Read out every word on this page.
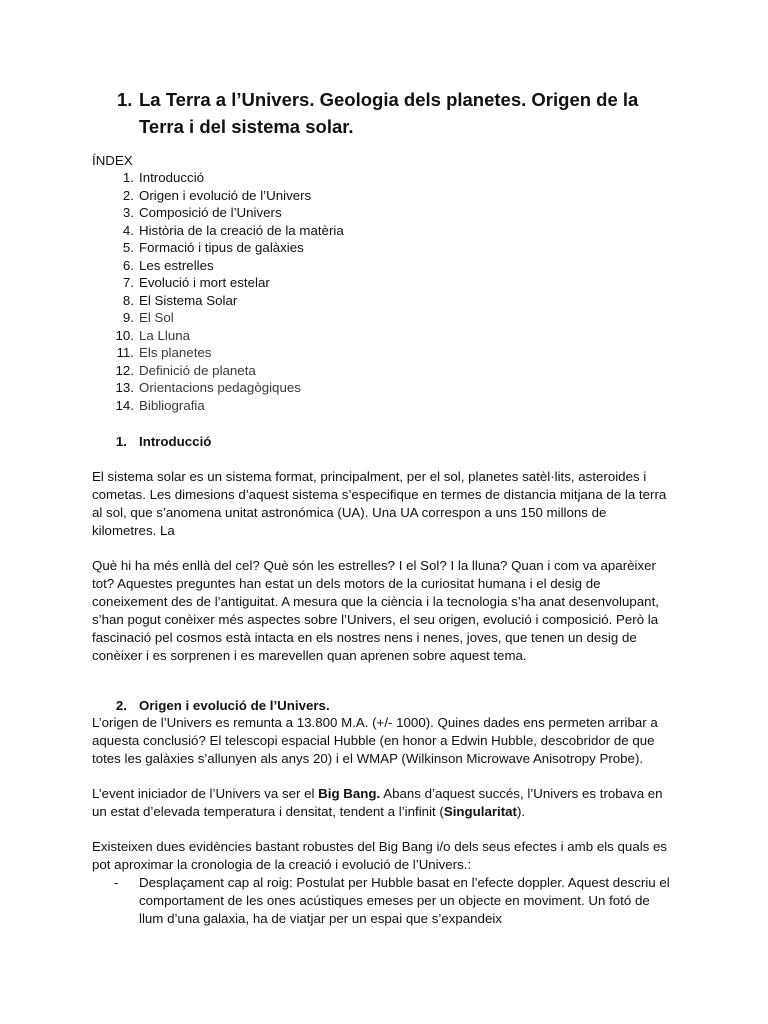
1. La Terra a l’Univers. Geologia dels planetes. Origen de la Terra i del sistema solar.
ÍNDEX
1. Introducció
2. Origen i evolució de l’Univers
3. Composició de l’Univers
4. Història de la creació de la matèria
5. Formació i tipus de galàxies
6. Les estrelles
7. Evolució i mort estelar
8. El Sistema Solar
9. El Sol
10. La Lluna
11. Els planetes
12. Definició de planeta
13. Orientacions pedagògiques
14. Bibliografia
1. Introducció

El sistema solar es un sistema format, principalment, per el sol, planetes satèl·lits, asteroides i cometas. Les dimesions d’aquest sistema s’especifique en termes de distancia mitjana de la terra al sol, que s’anomena unitat astronómica (UA). Una UA correspon a uns 150 millons de kilometres. La

Què hi ha més enllà del cel? Què són les estrelles? I el Sol? I la lluna? Quan i com va aparèixer tot? Aquestes preguntes han estat un dels motors de la curiositat humana i el desig de coneixement des de l’antiguitat. A mesura que la ciència i la tecnologia s’ha anat desenvolupant, s’han pogut conèixer més aspectes sobre l’Univers, el seu origen, evolució i composició. Però la fascinació pel cosmos està intacta en els nostres nens i nenes, joves, que tenen un desig de conèixer i es sorprenen i es marevellen quan aprenen sobre aquest tema.

2. Origen i evolució de l’Univers.

L’origen de l’Univers es remunta a 13.800 M.A. (+/- 1000). Quines dades ens permeten arribar a aquesta conclusió? El telescopi espacial Hubble (en honor a Edwin Hubble, descobridor de que totes les galàxies s’allunyen als anys 20) i el WMAP (Wilkinson Microwave Anisotropy Probe).

L’event iniciador de l’Univers va ser el Big Bang. Abans d’aquest succés, l’Univers es trobava en un estat d’elevada temperatura i densitat, tendent a l’infinit (Singularitat).

Existeixen dues evidències bastant robustes del Big Bang i/o dels seus efectes i amb els quals es pot aproximar la cronologia de la creació i evolució de l’Univers.:

-	Desplaçament cap al roig: Postulat per Hubble basat en l’efecte doppler. Aquest descriu el comportament de les ones acústiques emeses per un objecte en moviment. Un fotó de llum d’una galaxia, ha de viatjar per un espai que s’expandeix
